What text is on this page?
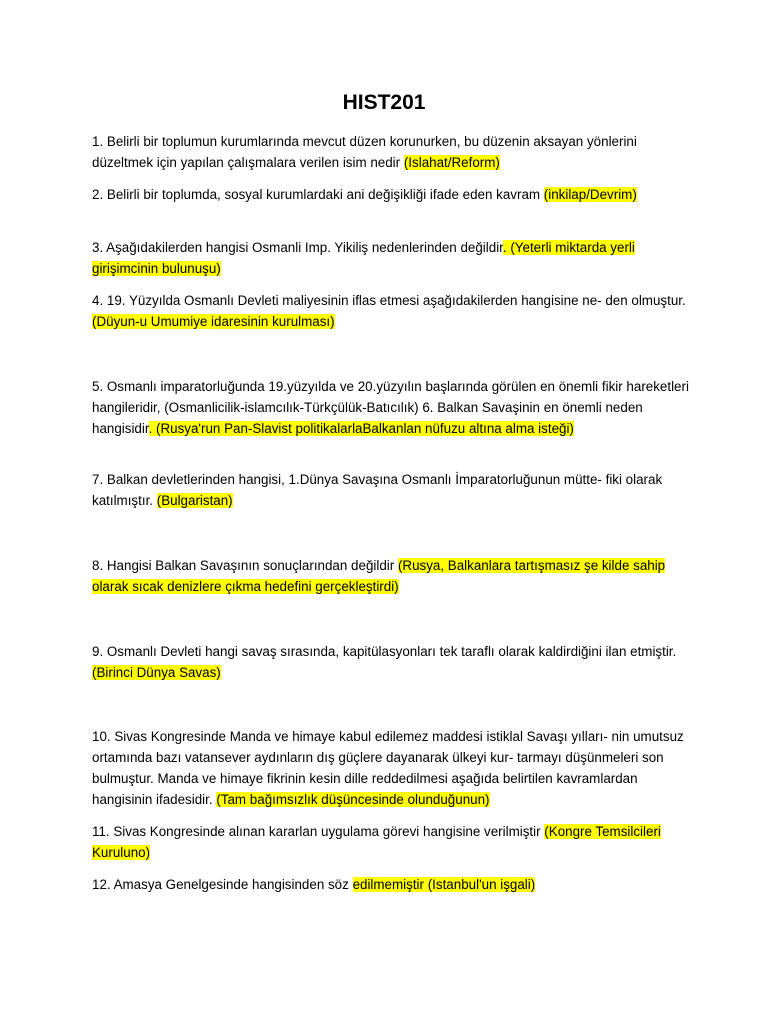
HIST201

1. Belirli bir toplumun kurumlarında mevcut düzen korunurken, bu düzenin aksayan yönlerini düzeltmek için yapılan çalışmalara verilen isim nedir (Islahat/Reform)

2. Belirli bir toplumda, sosyal kurumlardaki ani değişikliği ifade eden kavram (inkilap/Devrim)

3. Aşağıdakilerden hangisi Osmanli Imp. Yikiliş nedenlerinden değildir. (Yeterli miktarda yerli girişimcinin bulunuşu)

4. 19. Yüzyılda Osmanlı Devleti maliyesinin iflas etmesi aşağıdakilerden hangisine ne- den olmuştur. (Düyun-u Umumiye idaresinin kurulması)

5. Osmanlı imparatorluğunda 19.yüzyılda ve 20.yüzyılın başlarında görülen en önemli fikir hareketleri hangileridir, (Osmanlicilik-islamcılık-Türkçülük-Batıcılık) 6. Balkan Savaşinin en önemli neden hangisidir. (Rusya'run Pan-Slavist politikalarlaBalkanlan nüfuzu altına alma isteği)

7. Balkan devletlerinden hangisi, 1.Dünya Savaşına Osmanlı İmparatorluğunun mütte- fiki olarak katılmıştır. (Bulgaristan)

8. Hangisi Balkan Savaşının sonuçlarından değildir (Rusya, Balkanlara tartışmasız şe kilde sahip olarak sıcak denizlere çıkma hedefini gerçekleştirdi)

9. Osmanlı Devleti hangi savaş sırasında, kapitülasyonları tek taraflı olarak kaldirdiğini ilan etmiştir. (Birinci Dünya Savas)

10. Sivas Kongresinde Manda ve himaye kabul edilemez maddesi istiklal Savaşı yılları- nin umutsuz ortamında bazı vatansever aydınların dış güçlere dayanarak ülkeyi kur- tarmayı düşünmeleri son bulmuştur. Manda ve himaye fikrinin kesin dille reddedilmesi aşağıda belirtilen kavramlardan hangisinin ifadesidir. (Tam bağımsızlık düşüncesinde olunduğunun)

11. Sivas Kongresinde alınan kararlan uygulama görevi hangisine verilmiştir (Kongre Temsilcileri Kuruluno)

12. Amasya Genelgesinde hangisinden söz edilmemiştir (Istanbul'un işgali)
